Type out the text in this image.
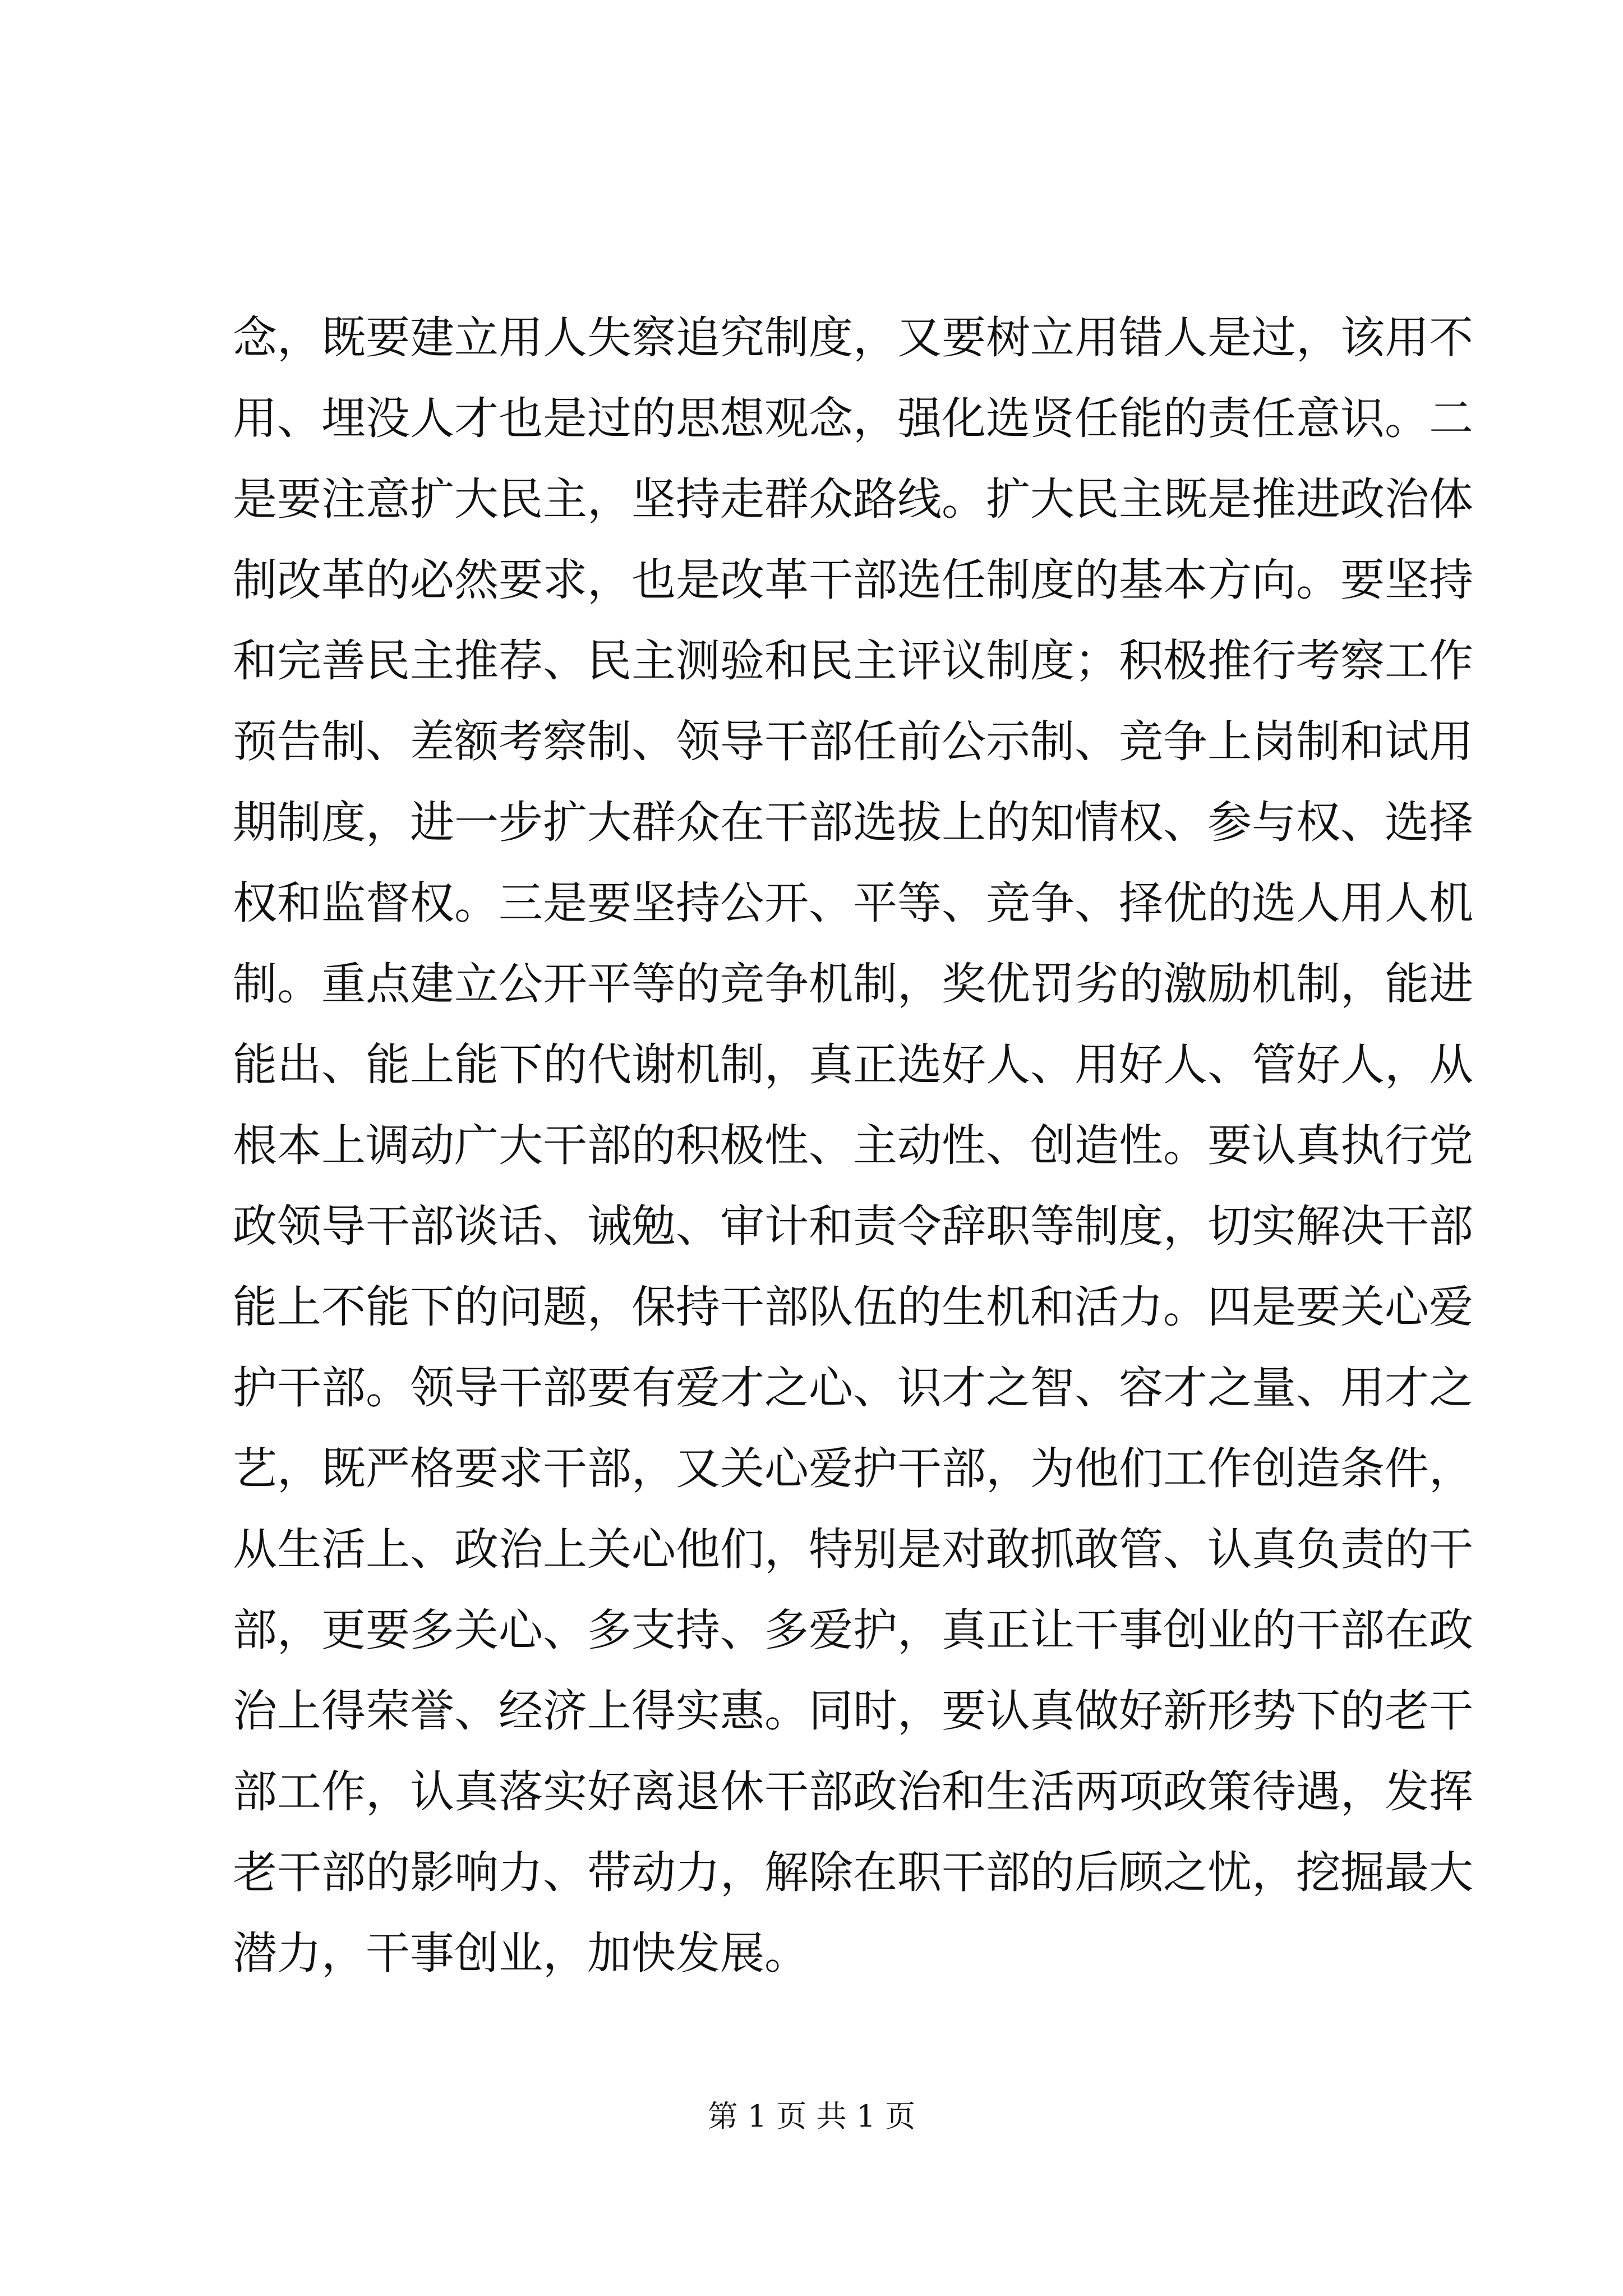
念，既要建立用人失察追究制度，又要树立用错人是过，该用不
用、埋没人才也是过的思想观念，强化选贤任能的责任意识。二
是要注意扩大民主，坚持走群众路线。扩大民主既是推进政治体
制改革的必然要求，也是改革干部选任制度的基本方向。要坚持
和完善民主推荐、民主测验和民主评议制度；积极推行考察工作
预告制、差额考察制、领导干部任前公示制、竞争上岗制和试用
期制度，进一步扩大群众在干部选拔上的知情权、参与权、选择
权和监督权。三是要坚持公开、平等、竞争、择优的选人用人机
制。重点建立公开平等的竞争机制，奖优罚劣的激励机制，能进
能出、能上能下的代谢机制，真正选好人、用好人、管好人，从
根本上调动广大干部的积极性、主动性、创造性。要认真执行党
政领导干部谈话、诫勉、审计和责令辞职等制度，切实解决干部
能上不能下的问题，保持干部队伍的生机和活力。四是要关心爱
护干部。领导干部要有爱才之心、识才之智、容才之量、用才之
艺，既严格要求干部，又关心爱护干部，为他们工作创造条件，
从生活上、政治上关心他们，特别是对敢抓敢管、认真负责的干
部，更要多关心、多支持、多爱护，真正让干事创业的干部在政
治上得荣誉、经济上得实惠。同时，要认真做好新形势下的老干
部工作，认真落实好离退休干部政治和生活两项政策待遇，发挥
老干部的影响力、带动力，解除在职干部的后顾之忧，挖掘最大
潜力，干事创业，加快发展。
第 1 页 共 1 页
